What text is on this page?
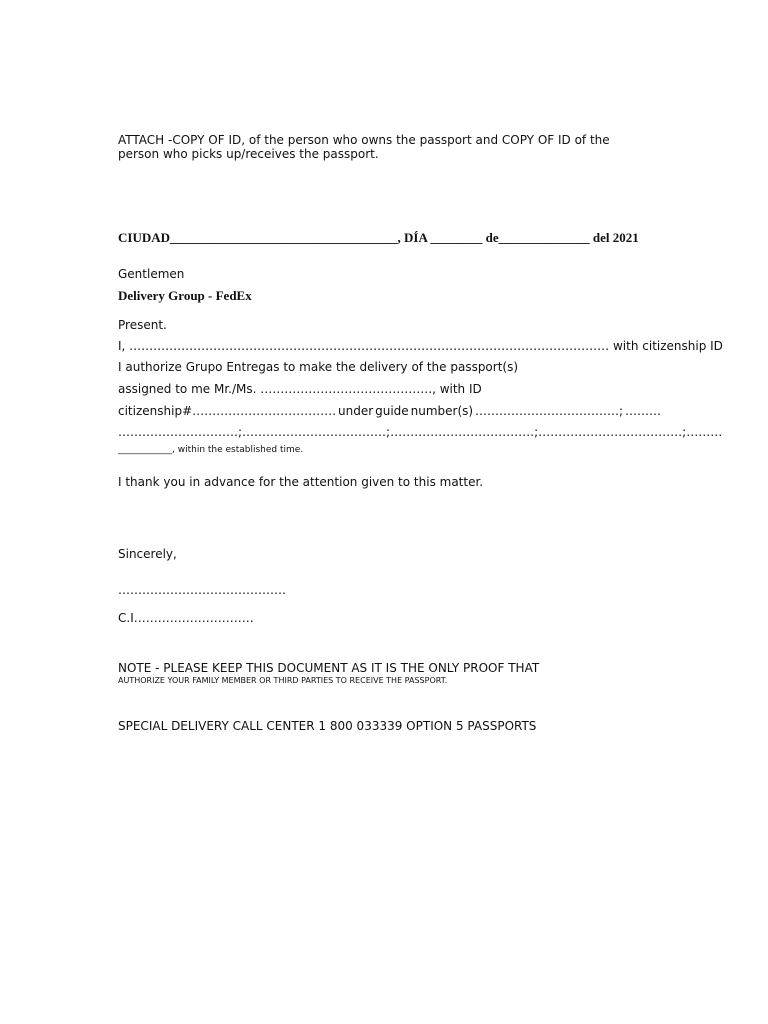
ATTACH -COPY OF ID, of the person who owns the passport and COPY OF ID of the
person who picks up/receives the passport.
CIUDAD___________________________________, DÍA ________ de______________ del 2021
Gentlemen
Delivery Group - FedEx
Present.
I, ………………………………………………………………………………………………………… with citizenship ID
I authorize Grupo Entregas to make the delivery of the passport(s)
assigned to me Mr./Ms. ……………………………………., with ID
citizenship#……………………………… under guide number(s) ………………………………; ………
…………………………; ………………………………; ………………………………; ………………………………; ………
____________, within the established time.
I thank you in advance for the attention given to this matter.
Sincerely,
……………………………………
C.I…………………………
NOTE - PLEASE KEEP THIS DOCUMENT AS IT IS THE ONLY PROOF THAT
AUTHORIZE YOUR FAMILY MEMBER OR THIRD PARTIES TO RECEIVE THE PASSPORT.
SPECIAL DELIVERY CALL CENTER 1 800 033339 OPTION 5 PASSPORTS
